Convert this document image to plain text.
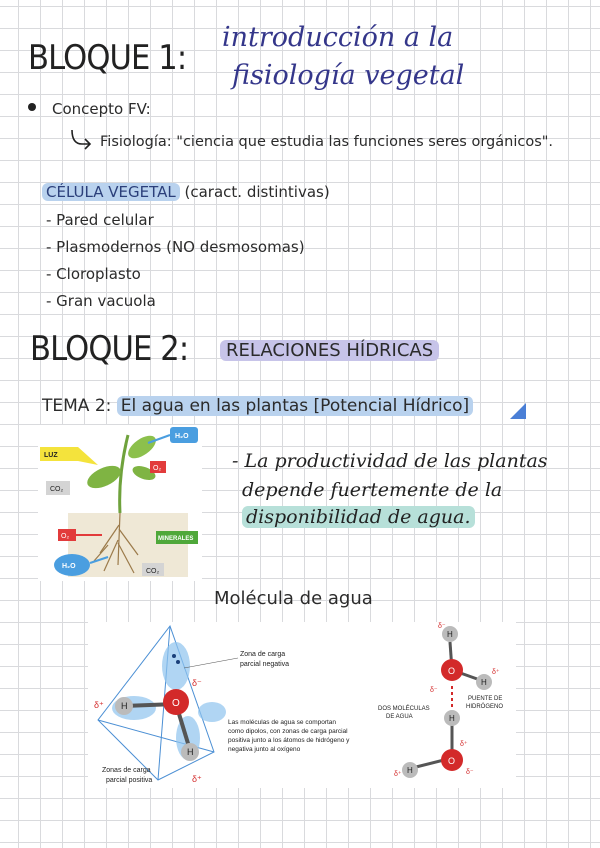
BLOQUE 1:
introducción a la
fisiología vegetal
Concepto FV:
Fisiología: "ciencia que estudia las funciones seres orgánicos".
CÉLULA VEGETAL (caract. distintivas)
- Pared celular
- Plasmodernos (NO desmosomas)
- Cloroplasto
- Gran vacuola
BLOQUE 2:	RELACIONES HÍDRICAS
TEMA 2: El agua en las plantas [Potencial Hídrico]
LUZ
H₂O
O₂
CO₂
O₂	MINERALES
H₂O
CO₂
- La productividad de las plantas
depende fuertemente de la
disponibilidad de agua.
Molécula de agua
O
H
H
δ⁻
δ⁺
δ⁺
Zona de carga
parcial negativa
Las moléculas de agua se comportan
como dipolos, con zonas de carga parcial
positiva junto a los átomos de hidrógeno y
negativa junto al oxígeno
Zonas de carga
parcial positiva
O
H
H
H
O
H
DOS MOLÉCULAS
DE AGUA
PUENTE DE
HIDRÓGENO
δ⁻
δ⁻
δ⁺
δ⁺
δ⁺	δ⁻
